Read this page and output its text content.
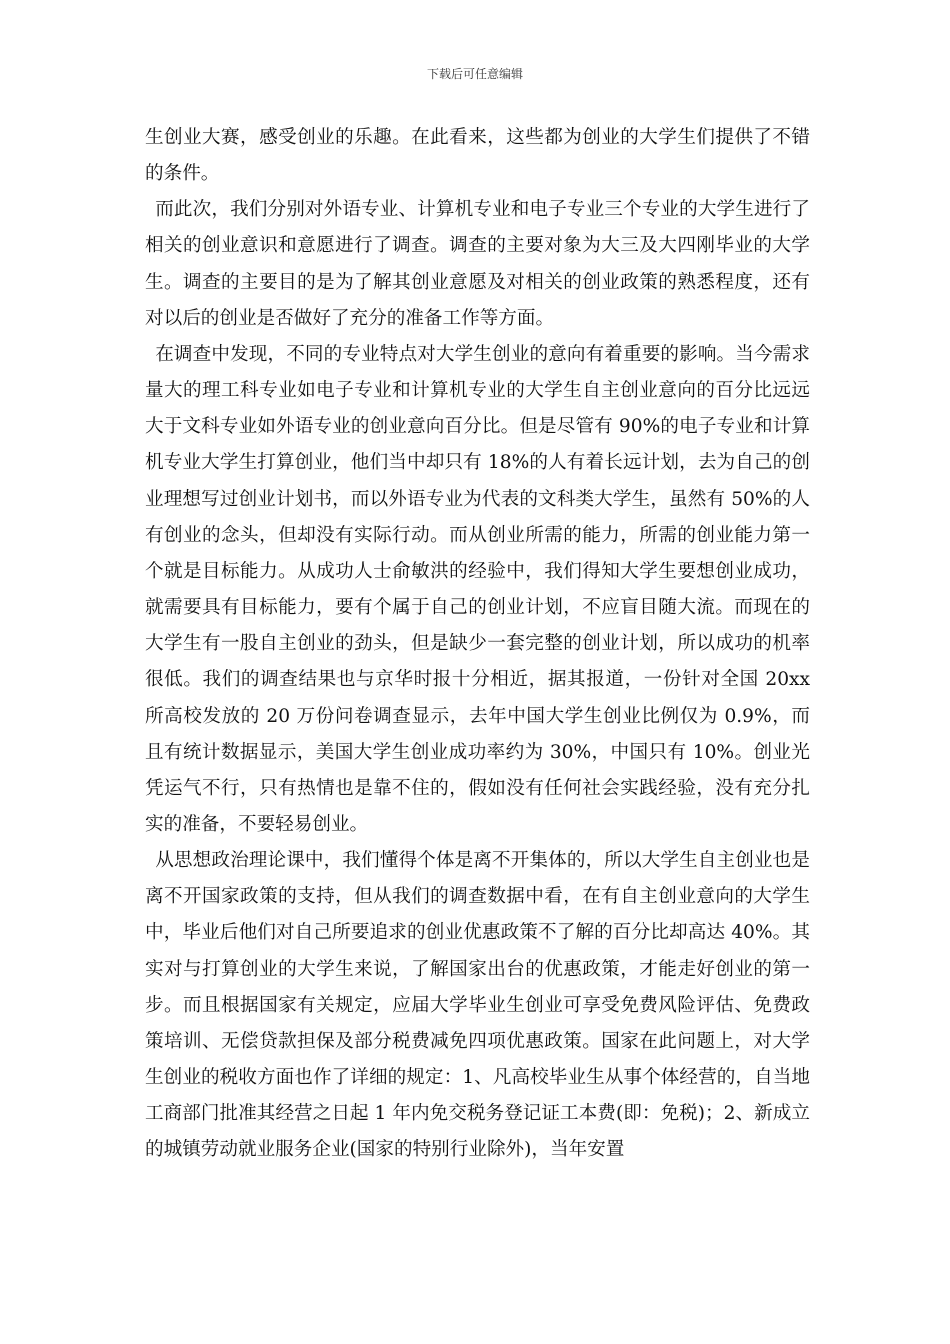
下载后可任意编辑

生创业大赛，感受创业的乐趣。在此看来，这些都为创业的大学生们提供了不错的条件。

而此次，我们分别对外语专业、计算机专业和电子专业三个专业的大学生进行了相关的创业意识和意愿进行了调查。调查的主要对象为大三及大四刚毕业的大学生。调查的主要目的是为了解其创业意愿及对相关的创业政策的熟悉程度，还有对以后的创业是否做好了充分的准备工作等方面。

在调查中发现，不同的专业特点对大学生创业的意向有着重要的影响。当今需求量大的理工科专业如电子专业和计算机专业的大学生自主创业意向的百分比远远大于文科专业如外语专业的创业意向百分比。但是尽管有 90%的电子专业和计算机专业大学生打算创业，他们当中却只有 18%的人有着长远计划，去为自己的创业理想写过创业计划书，而以外语专业为代表的文科类大学生，虽然有 50%的人有创业的念头，但却没有实际行动。而从创业所需的能力，所需的创业能力第一个就是目标能力。从成功人士俞敏洪的经验中，我们得知大学生要想创业成功，就需要具有目标能力，要有个属于自己的创业计划，不应盲目随大流。而现在的大学生有一股自主创业的劲头，但是缺少一套完整的创业计划，所以成功的机率很低。我们的调查结果也与京华时报十分相近，据其报道，一份针对全国 20xx 所高校发放的 20 万份问卷调查显示，去年中国大学生创业比例仅为 0.9%，而且有统计数据显示，美国大学生创业成功率约为 30%，中国只有 10%。创业光凭运气不行，只有热情也是靠不住的，假如没有任何社会实践经验，没有充分扎实的准备，不要轻易创业。

从思想政治理论课中，我们懂得个体是离不开集体的，所以大学生自主创业也是离不开国家政策的支持，但从我们的调查数据中看，在有自主创业意向的大学生中，毕业后他们对自己所要追求的创业优惠政策不了解的百分比却高达 40%。其实对与打算创业的大学生来说，了解国家出台的优惠政策，才能走好创业的第一步。而且根据国家有关规定，应届大学毕业生创业可享受免费风险评估、免费政策培训、无偿贷款担保及部分税费减免四项优惠政策。国家在此问题上，对大学生创业的税收方面也作了详细的规定：1、凡高校毕业生从事个体经营的，自当地工商部门批准其经营之日起 1 年内免交税务登记证工本费(即：免税)；2、新成立的城镇劳动就业服务企业(国家的特别行业除外)，当年安置
